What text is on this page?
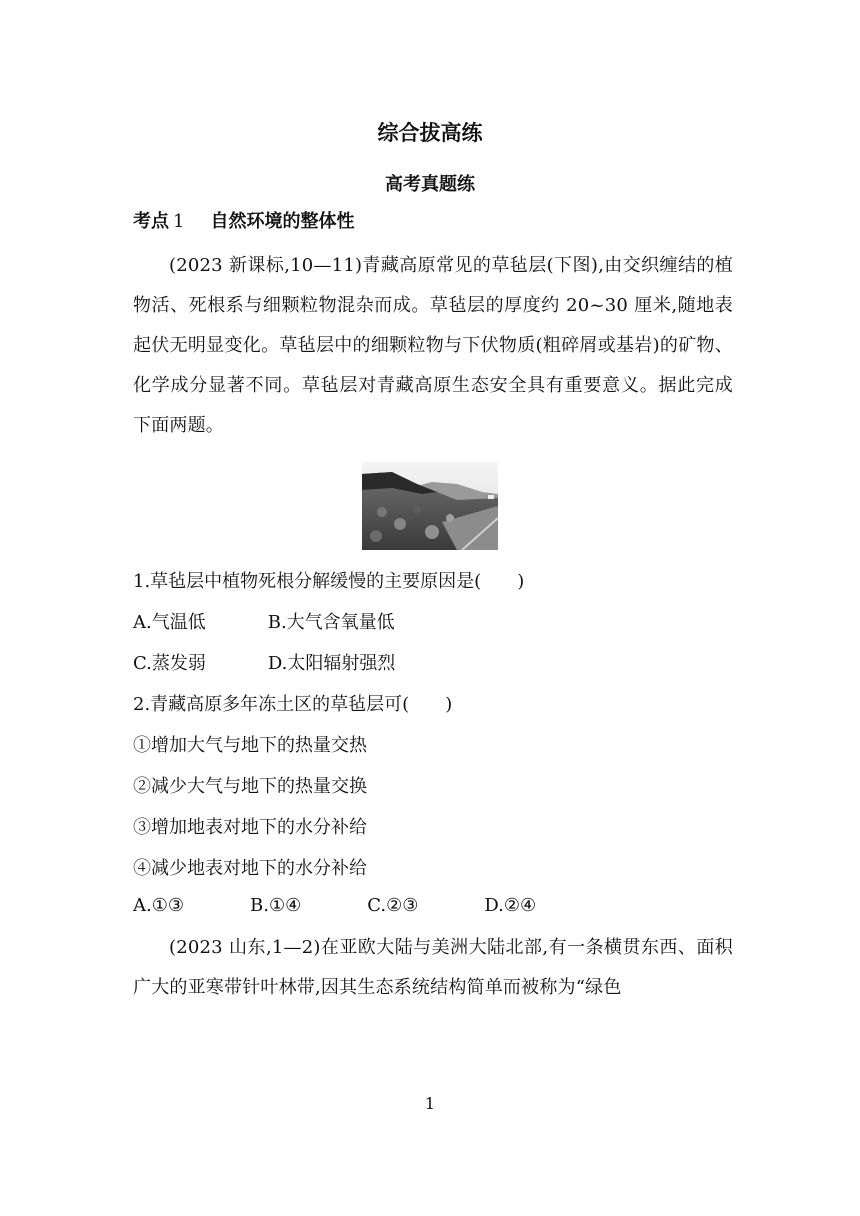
综合拔高练
高考真题练
考点 1 自然环境的整体性

(2023 新课标,10—11)青藏高原常见的草毡层(下图),由交织缠结的植物活、死根系与细颗粒物混杂而成。草毡层的厚度约 20~30 厘米,随地表起伏无明显变化。草毡层中的细颗粒物与下伏物质(粗碎屑或基岩)的矿物、化学成分显著不同。草毡层对青藏高原生态安全具有重要意义。据此完成下面两题。

1.草毡层中植物死根分解缓慢的主要原因是(　　)
A.气温低	B.大气含氧量低
C.蒸发弱	D.太阳辐射强烈
2.青藏高原多年冻土区的草毡层可(　　)
①增加大气与地下的热量交热
②减少大气与地下的热量交换
③增加地表对地下的水分补给
④减少地表对地下的水分补给
A.①③	B.①④	C.②③	D.②④

(2023 山东,1—2)在亚欧大陆与美洲大陆北部,有一条横贯东西、面积广大的亚寒带针叶林带,因其生态系统结构简单而被称为“绿色

1
